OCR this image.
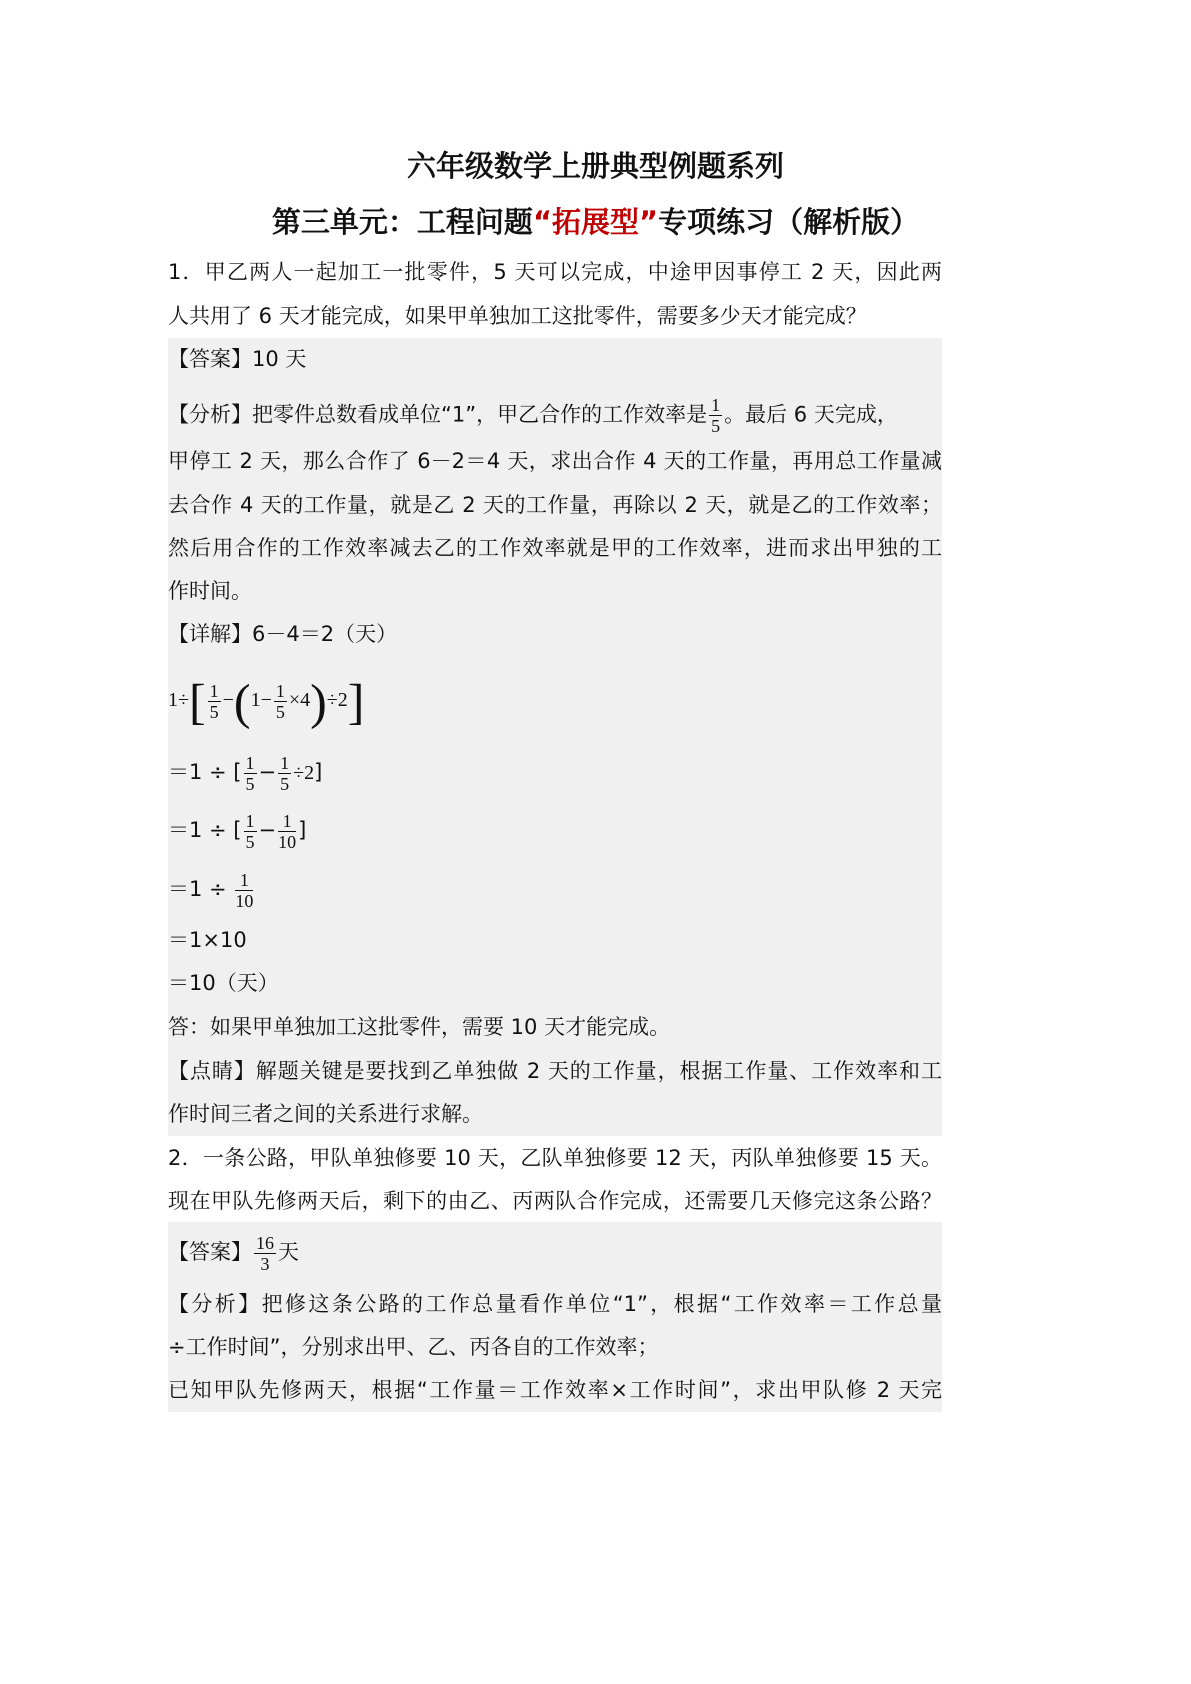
六年级数学上册典型例题系列
第三单元：工程问题“拓展型”专项练习（解析版）
1．甲乙两人一起加工一批零件，5 天可以完成，中途甲因事停工 2 天，因此两
人共用了 6 天才能完成，如果甲单独加工这批零件，需要多少天才能完成？
【答案】10 天
【分析】把零件总数看成单位“1”，甲乙合作的工作效率是 $\frac{1}{5}$ 。最后 6 天完成，
甲停工 2 天，那么合作了 6－2＝4 天，求出合作 4 天的工作量，再用总工作量减
去合作 4 天的工作量，就是乙 2 天的工作量，再除以 2 天，就是乙的工作效率；
然后用合作的工作效率减去乙的工作效率就是甲的工作效率，进而求出甲独的工
作时间。
【详解】6－4＝2（天）
$1\div[ \frac{1}{5} -(1- \frac{1}{5} \times 4)\div 2]$
＝1 ÷ [ $\frac{1}{5} - \frac{1}{5} \div 2$]
＝1 ÷ [ $\frac{1}{5} - \frac{1}{10}$ ]
$=1 \div \frac{1}{10}$
＝1×10
＝10（天）
答：如果甲单独加工这批零件，需要 10 天才能完成。
【点睛】解题关键是要找到乙单独做 2 天的工作量，根据工作量、工作效率和工
作时间三者之间的关系进行求解。
2．一条公路，甲队单独修要 10 天，乙队单独修要 12 天，丙队单独修要 15 天。
现在甲队先修两天后，剩下的由乙、丙两队合作完成，还需要几天修完这条公路？
【答案】 $\frac{16}{3}$ 天
【分析】把修这条公路的工作总量看作单位“1”，根据“工作效率＝工作总量
÷工作时间”，分别求出甲、乙、丙各自的工作效率；
已知甲队先修两天，根据“工作量＝工作效率×工作时间”，求出甲队修 2 天完
